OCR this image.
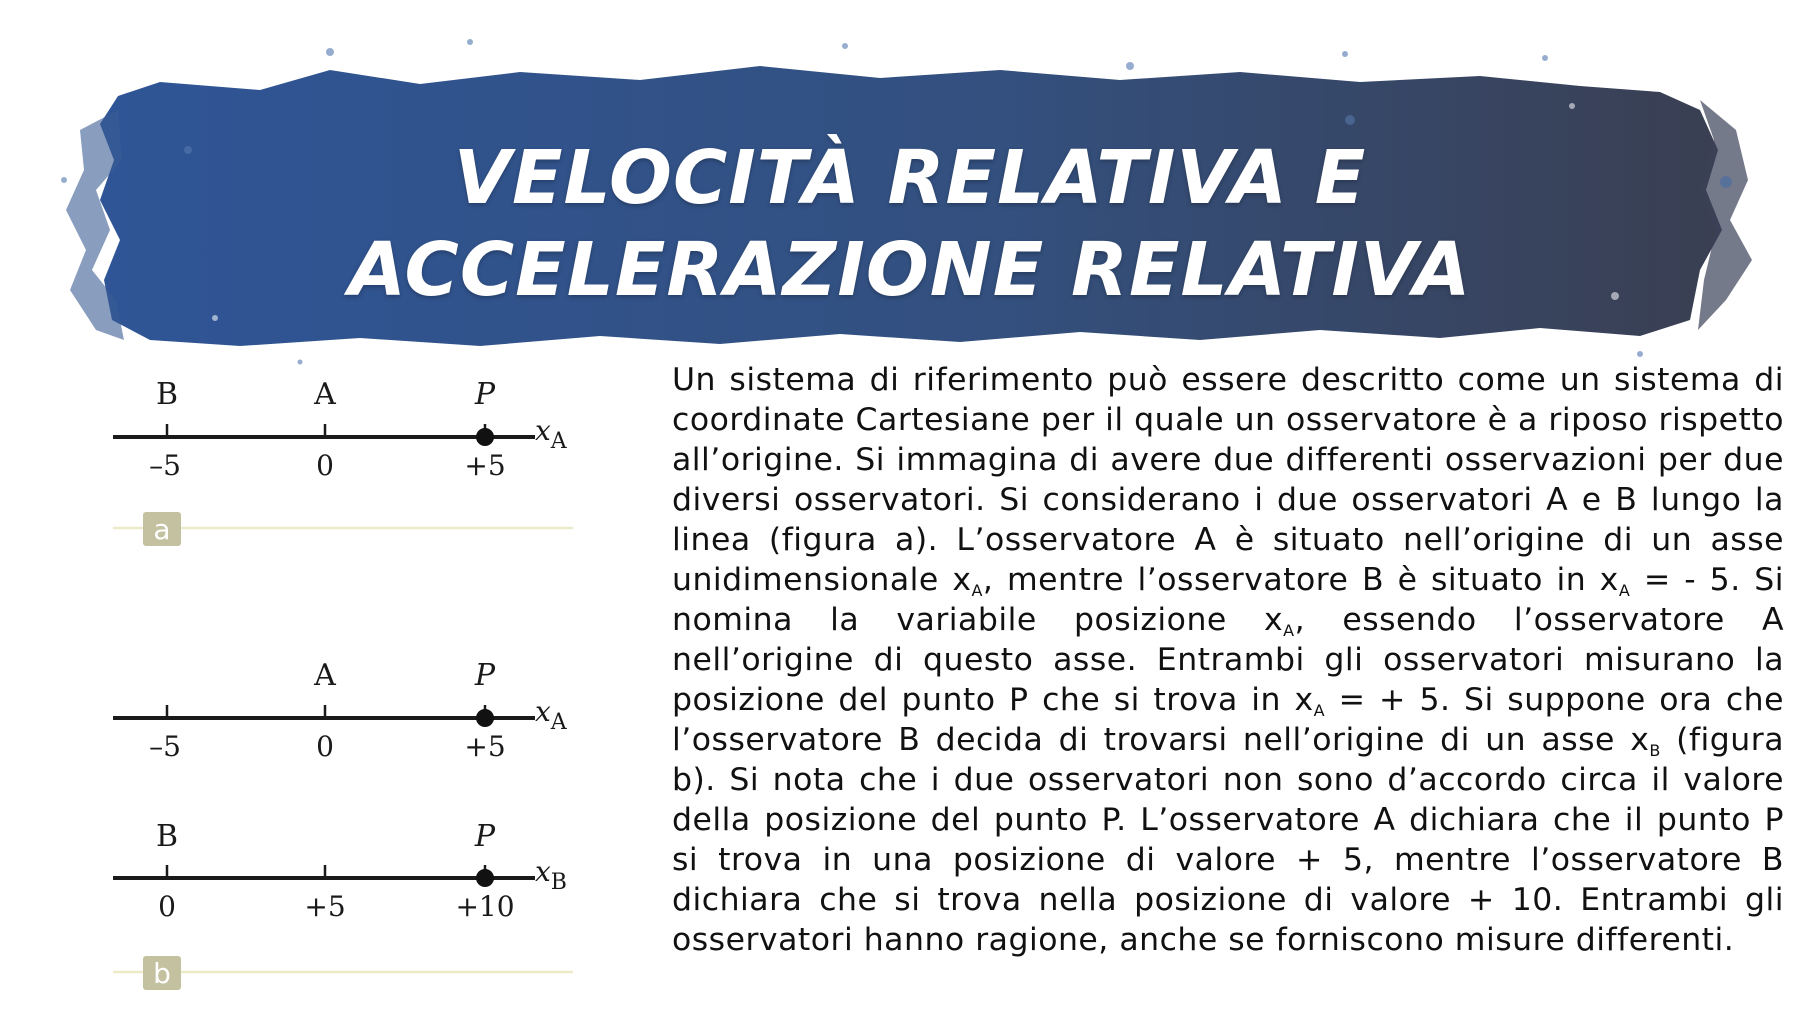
VELOCITÀ RELATIVA E
ACCELERAZIONE RELATIVA
B	A	P
$x_A$
–5	0	+5
a
A	P
$x_A$
–5	0	+5
B	P
$x_B$
0	+5	+10
b

Un sistema di riferimento può essere descritto come un sistema di coordinate Cartesiane per il quale un osservatore è a riposo rispetto all’origine. Si immagina di avere due differenti osservazioni per due diversi osservatori. Si considerano i due osservatori A e B lungo la linea (figura a). L’osservatore A è situato nell’origine di un asse unidimensionale $x_A$, mentre l’osservatore B è situato in $x_A$ = - 5. Si nomina la variabile posizione $x_A$, essendo l’osservatore A nell’origine di questo asse. Entrambi gli osservatori misurano la posizione del punto P che si trova in $x_A$ = + 5. Si suppone ora che l’osservatore B decida di trovarsi nell’origine di un asse $x_B$ (figura b). Si nota che i due osservatori non sono d’accordo circa il valore della posizione del punto P. L’osservatore A dichiara che il punto P si trova in una posizione di valore + 5, mentre l’osservatore B dichiara che si trova nella posizione di valore + 10. Entrambi gli osservatori hanno ragione, anche se forniscono misure differenti.
